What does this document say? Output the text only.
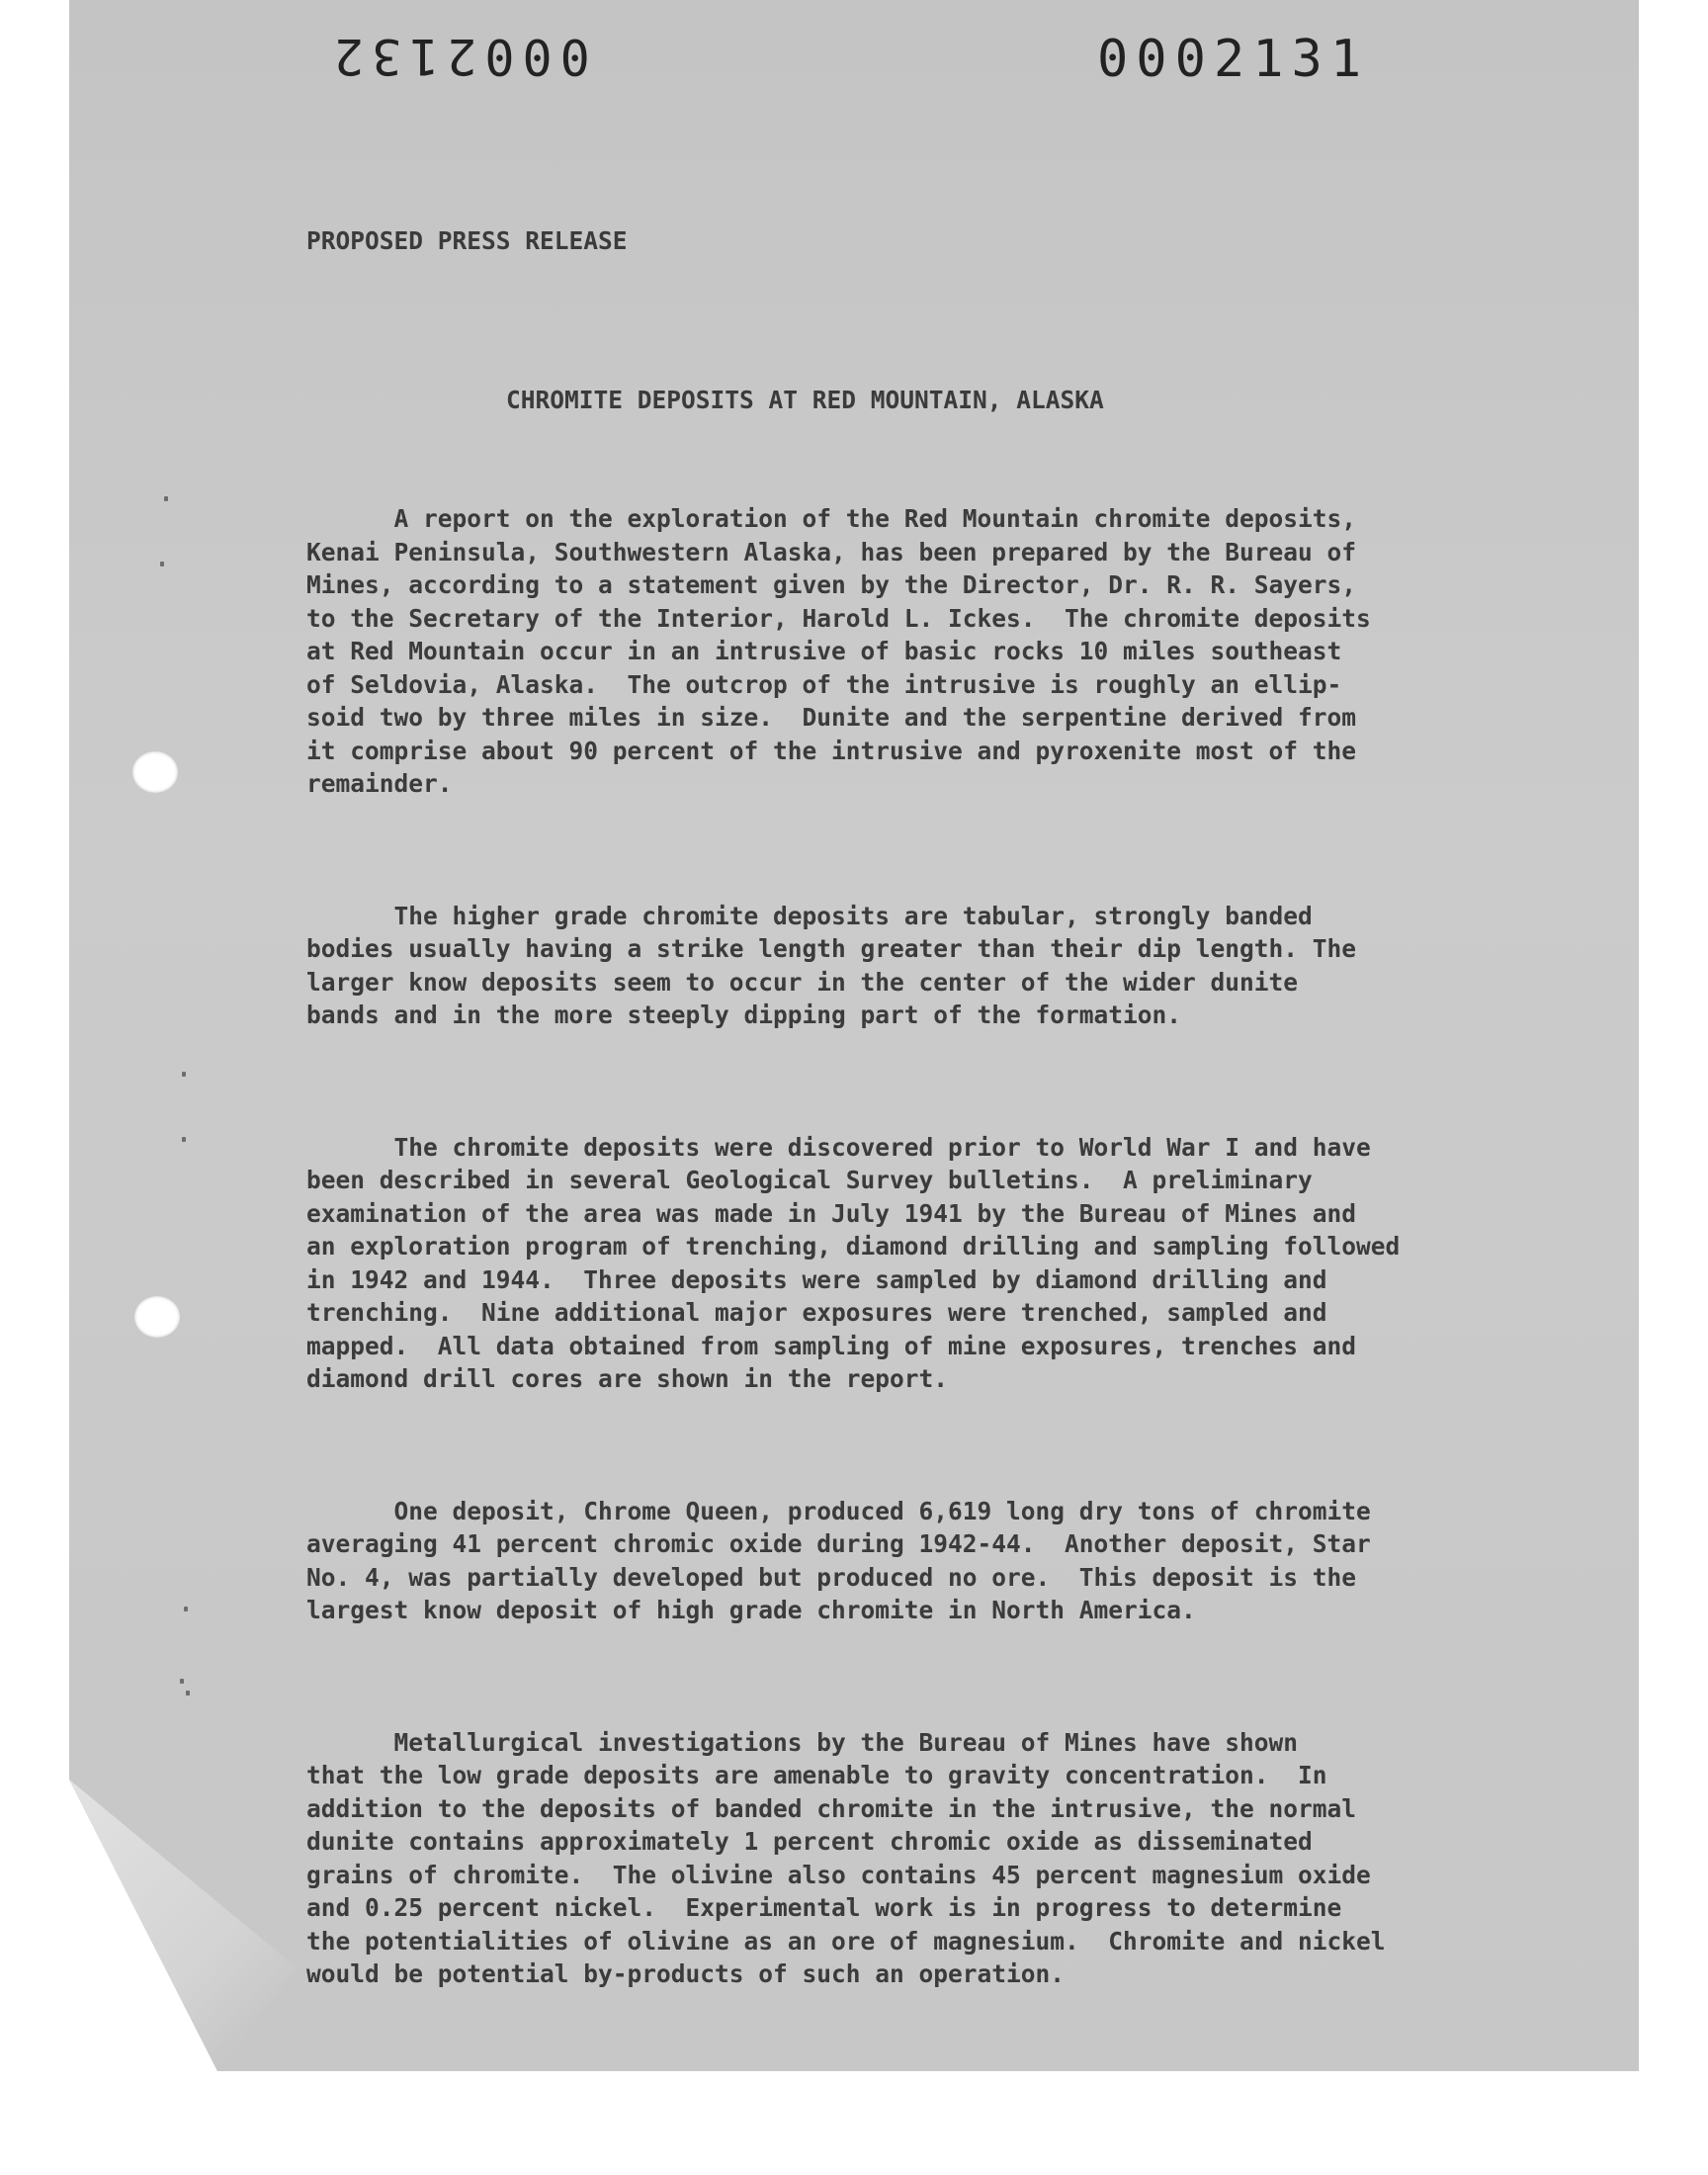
0002132	0002131

PROPOSED PRESS RELEASE

CHROMITE DEPOSITS AT RED MOUNTAIN, ALASKA

A report on the exploration of the Red Mountain chromite deposits,
Kenai Peninsula, Southwestern Alaska, has been prepared by the Bureau of
Mines, according to a statement given by the Director, Dr. R. R. Sayers,
to the Secretary of the Interior, Harold L. Ickes.  The chromite deposits
at Red Mountain occur in an intrusive of basic rocks 10 miles southeast
of Seldovia, Alaska.  The outcrop of the intrusive is roughly an ellip-
soid two by three miles in size.  Dunite and the serpentine derived from
it comprise about 90 percent of the intrusive and pyroxenite most of the
remainder.

The higher grade chromite deposits are tabular, strongly banded
bodies usually having a strike length greater than their dip length. The
larger know deposits seem to occur in the center of the wider dunite
bands and in the more steeply dipping part of the formation.

The chromite deposits were discovered prior to World War I and have
been described in several Geological Survey bulletins.  A preliminary
examination of the area was made in July 1941 by the Bureau of Mines and
an exploration program of trenching, diamond drilling and sampling followed
in 1942 and 1944.  Three deposits were sampled by diamond drilling and
trenching.  Nine additional major exposures were trenched, sampled and
mapped.  All data obtained from sampling of mine exposures, trenches and
diamond drill cores are shown in the report.

One deposit, Chrome Queen, produced 6,619 long dry tons of chromite
averaging 41 percent chromic oxide during 1942-44.  Another deposit, Star
No. 4, was partially developed but produced no ore.  This deposit is the
largest know deposit of high grade chromite in North America.

Metallurgical investigations by the Bureau of Mines have shown
that the low grade deposits are amenable to gravity concentration.  In
addition to the deposits of banded chromite in the intrusive, the normal
dunite contains approximately 1 percent chromic oxide as disseminated
grains of chromite.  The olivine also contains 45 percent magnesium oxide
and 0.25 percent nickel.  Experimental work is in progress to determine
the potentialities of olivine as an ore of magnesium.  Chromite and nickel
would be potential by-products of such an operation.
